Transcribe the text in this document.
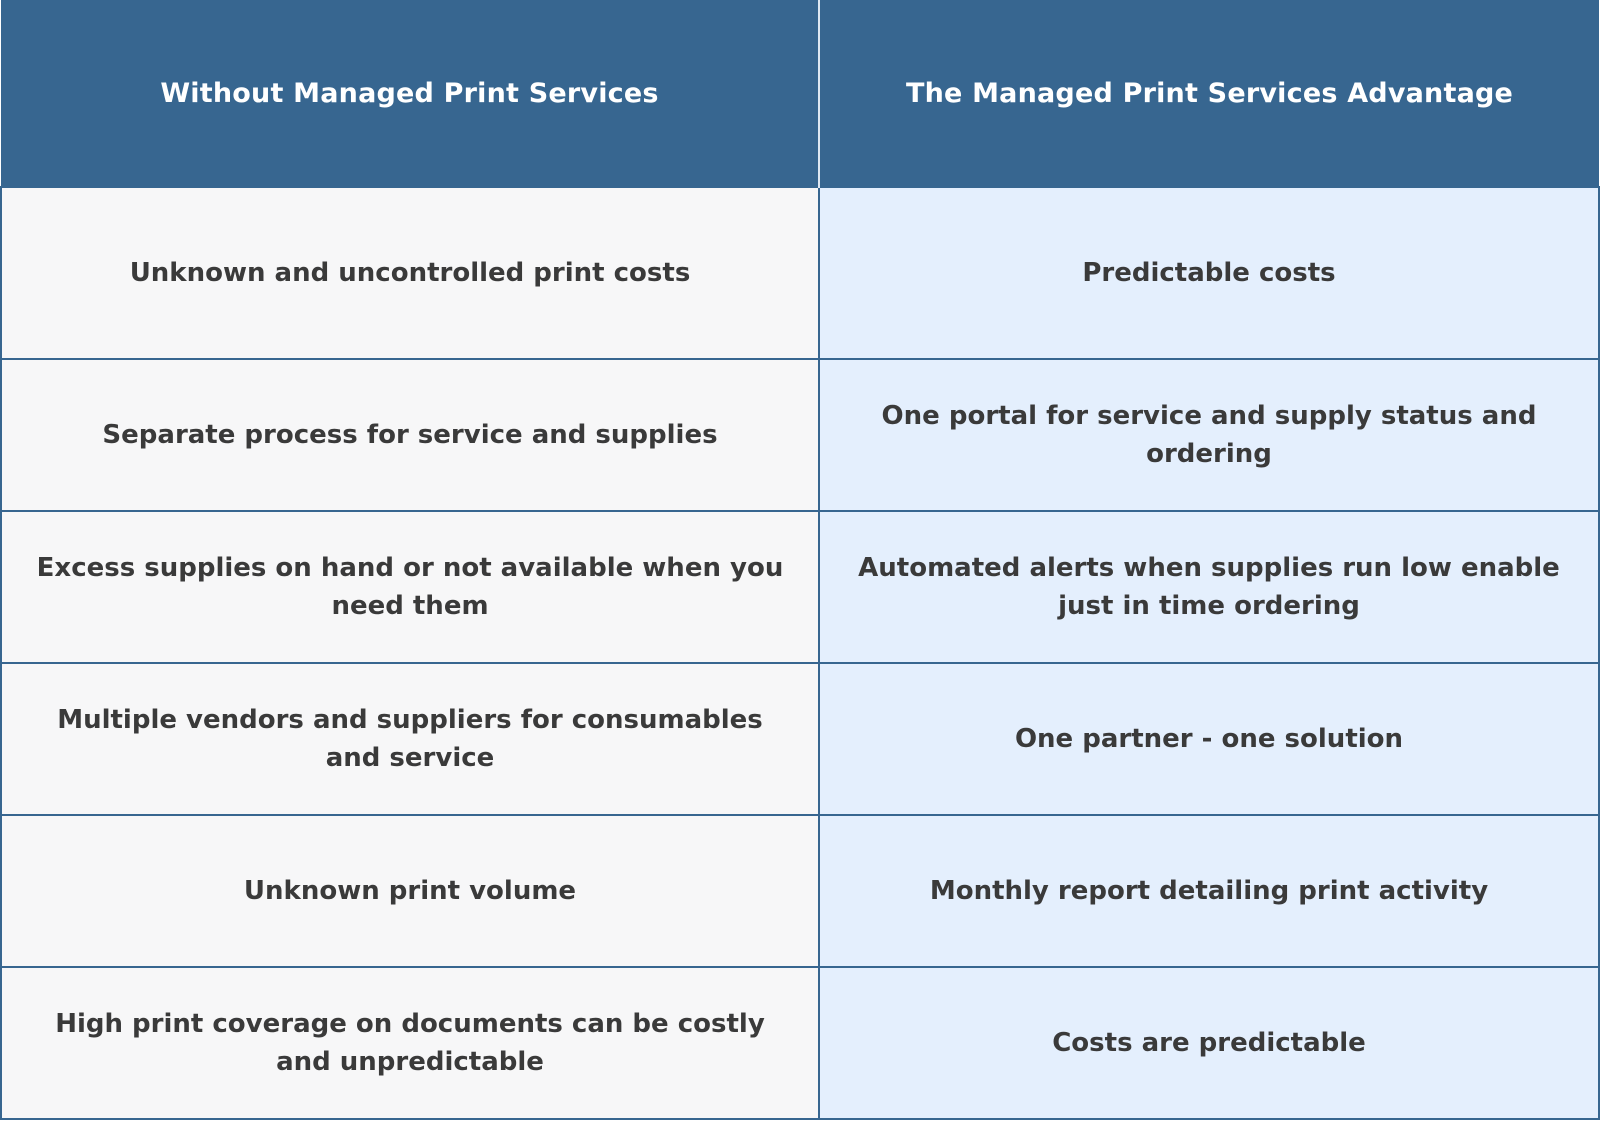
Without Managed Print Services	The Managed Print Services Advantage
Unknown and uncontrolled print costs	Predictable costs
Separate process for service and supplies	One portal for service and supply status and ordering
Excess supplies on hand or not available when you need them	Automated alerts when supplies run low enable just in time ordering
Multiple vendors and suppliers for consumables and service	One partner - one solution
Unknown print volume	Monthly report detailing print activity
High print coverage on documents can be costly and unpredictable	Costs are predictable
